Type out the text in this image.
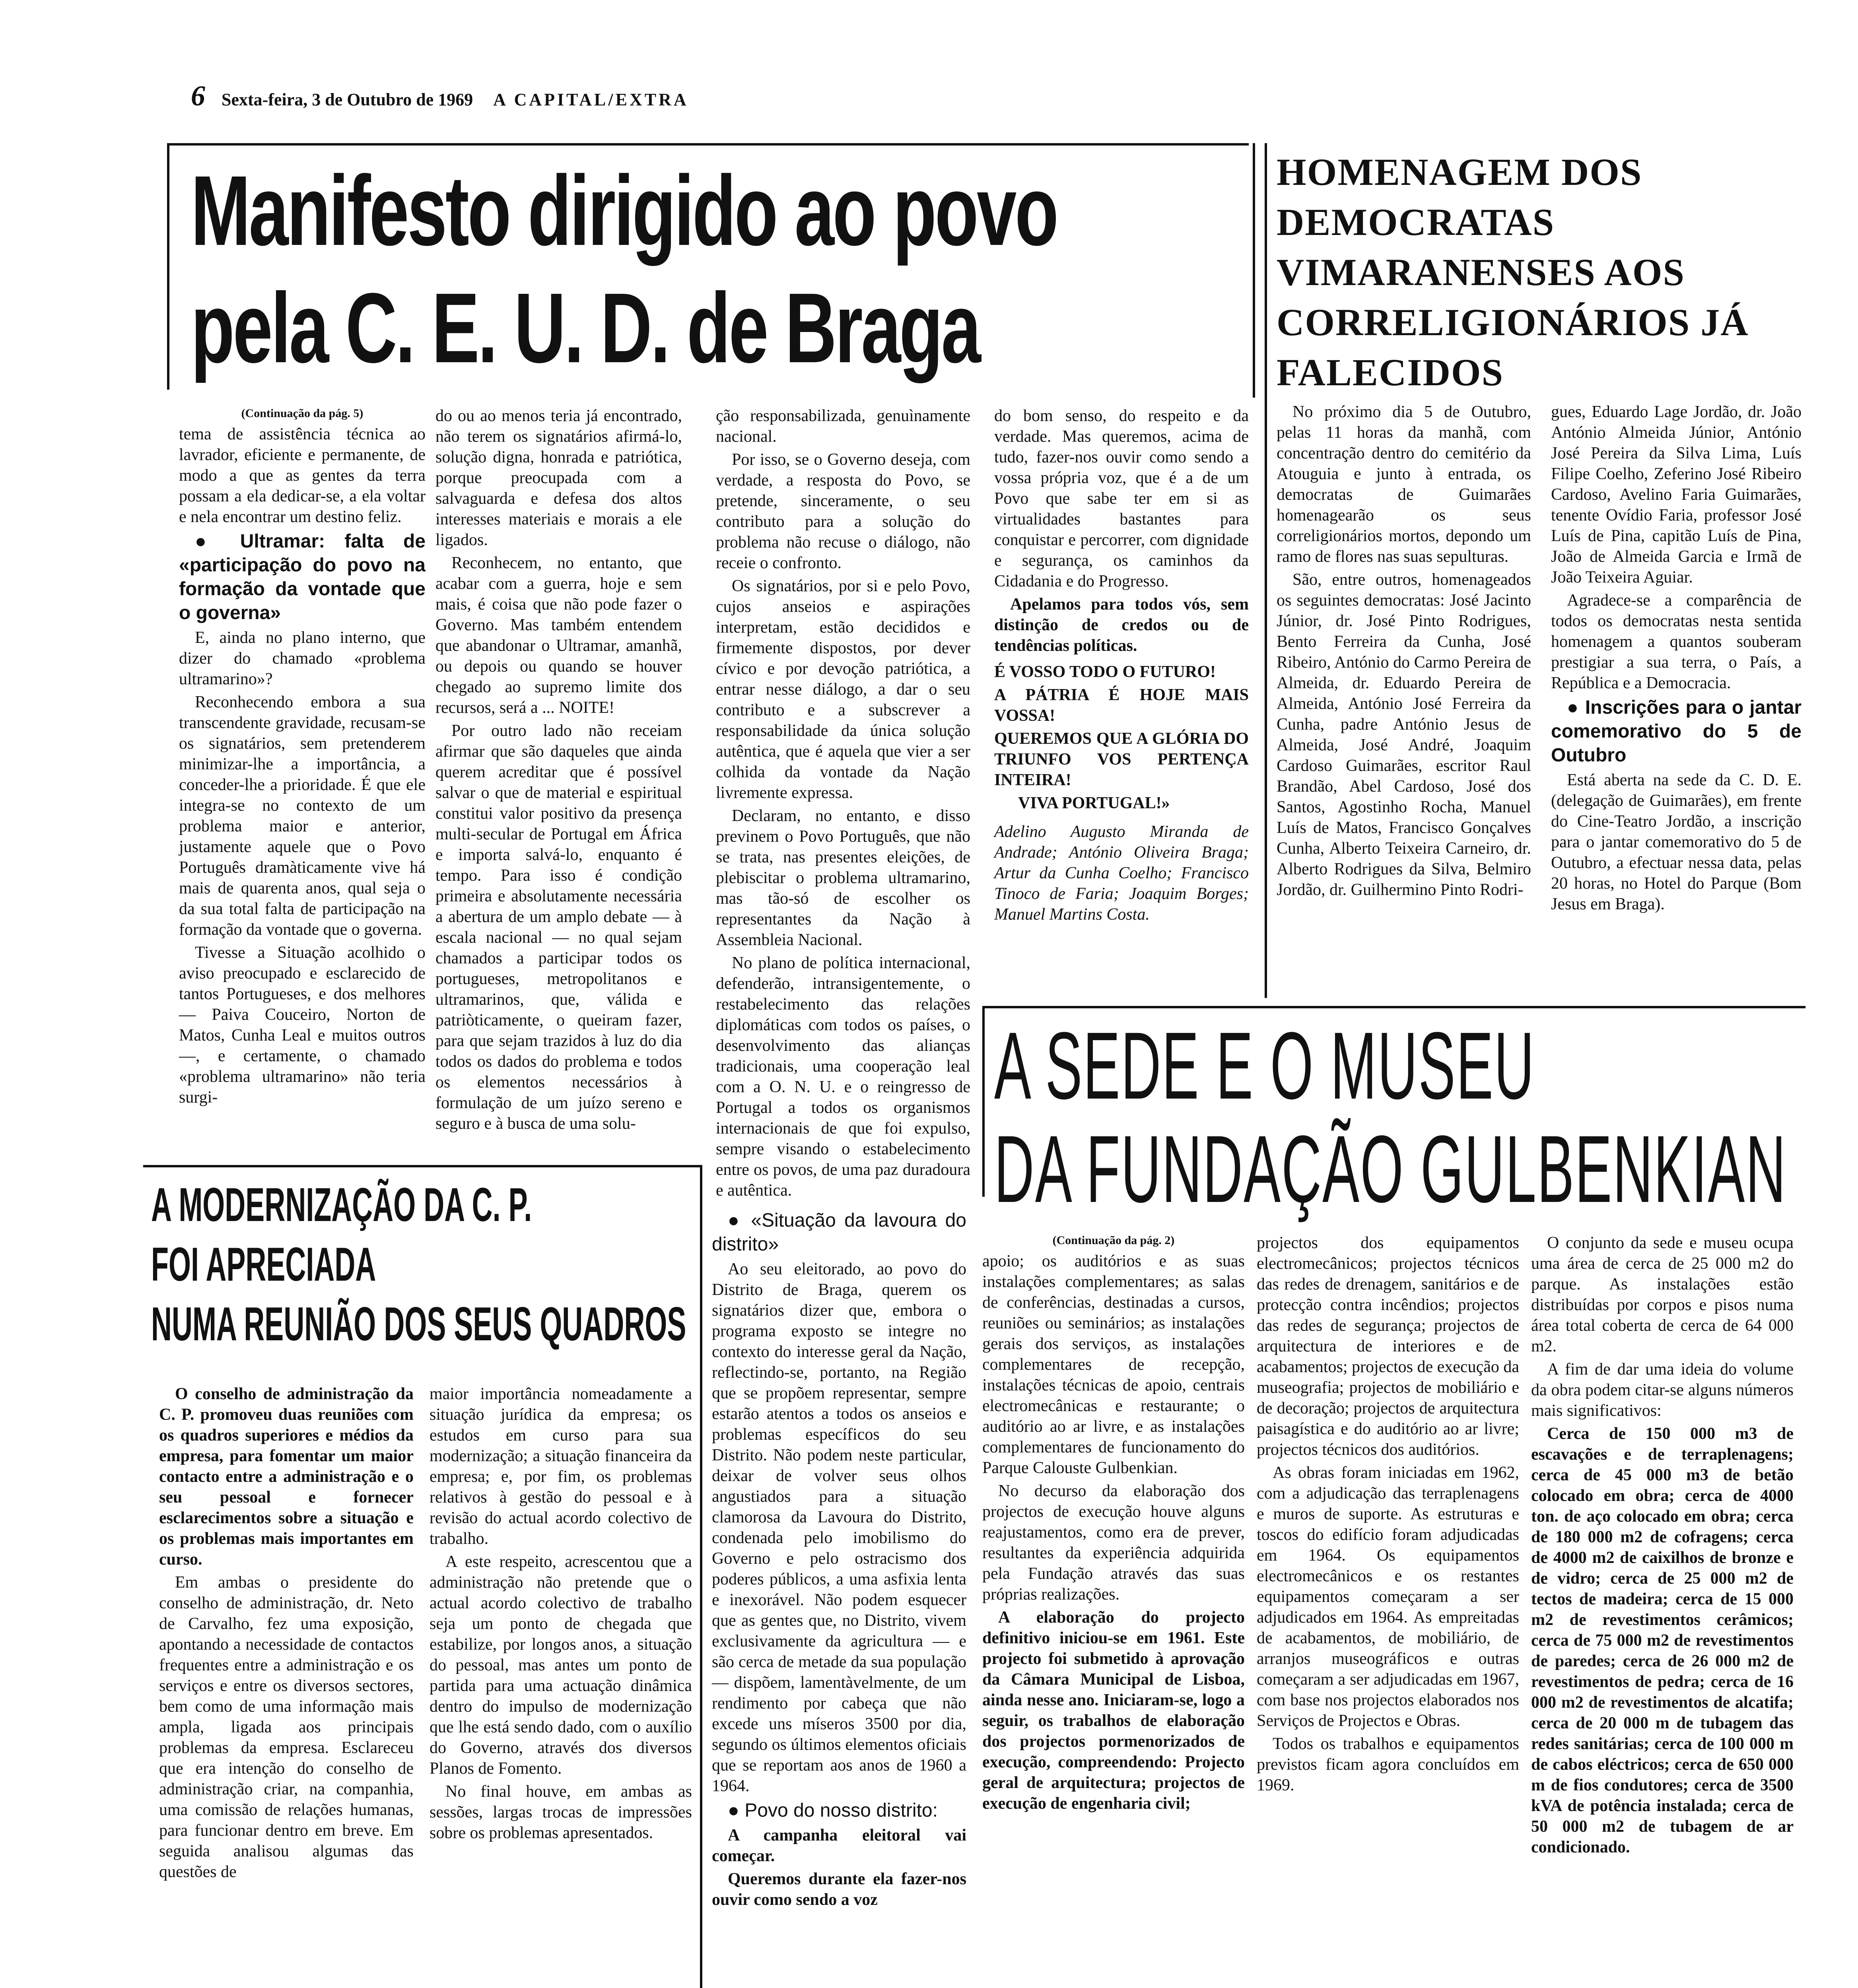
6 Sexta-feira, 3 de Outubro de 1969 A CAPITAL/EXTRA
Manifesto dirigido ao povo
pela C. E. U. D. de Braga

(Continuação da pág. 5)

tema de assistência técnica ao lavrador, eficiente e permanente, de modo a que as gentes da terra possam a ela dedicar-se, a ela voltar e nela encontrar um destino feliz.

● Ultramar: falta de «participação do povo na formação da vontade que o governa»

E, ainda no plano interno, que dizer do chamado «problema ultramarino»?

Reconhecendo embora a sua transcendente gravidade, recusam-se os signatários, sem pretenderem minimizar-lhe a importância, a conceder-lhe a prioridade. É que ele integra-se no contexto de um problema maior e anterior, justamente aquele que o Povo Português dramàticamente vive há mais de quarenta anos, qual seja o da sua total falta de participação na formação da vontade que o governa.

Tivesse a Situação acolhido o aviso preocupado e esclarecido de tantos Portugueses, e dos melhores — Paiva Couceiro, Norton de Matos, Cunha Leal e muitos outros —, e certamente, o chamado «problema ultramarino» não teria surgi-

do ou ao menos teria já encontrado, não terem os signatários afirmá-lo, solução digna, honrada e patriótica, porque preocupada com a salvaguarda e defesa dos altos interesses materiais e morais a ele ligados.

Reconhecem, no entanto, que acabar com a guerra, hoje e sem mais, é coisa que não pode fazer o Governo. Mas também entendem que abandonar o Ultramar, amanhã, ou depois ou quando se houver chegado ao supremo limite dos recursos, será a ... NOITE!

Por outro lado não receiam afirmar que são daqueles que ainda querem acreditar que é possível salvar o que de material e espiritual constitui valor positivo da presença multi-secular de Portugal em África e importa salvá-lo, enquanto é tempo. Para isso é condição primeira e absolutamente necessária a abertura de um amplo debate — à escala nacional — no qual sejam chamados a participar todos os portugueses, metropolitanos e ultramarinos, que, válida e patriòticamente, o queiram fazer, para que sejam trazidos à luz do dia todos os dados do problema e todos os elementos necessários à formulação de um juízo sereno e seguro e à busca de uma solu-

ção responsabilizada, genuìnamente nacional.

Por isso, se o Governo deseja, com verdade, a resposta do Povo, se pretende, sinceramente, o seu contributo para a solução do problema não recuse o diálogo, não receie o confronto.

Os signatários, por si e pelo Povo, cujos anseios e aspirações interpretam, estão decididos e firmemente dispostos, por dever cívico e por devoção patriótica, a entrar nesse diálogo, a dar o seu contributo e a subscrever a responsabilidade da única solução autêntica, que é aquela que vier a ser colhida da vontade da Nação livremente expressa.

Declaram, no entanto, e disso previnem o Povo Português, que não se trata, nas presentes eleições, de plebiscitar o problema ultramarino, mas tão-só de escolher os representantes da Nação à Assembleia Nacional.

No plano de política internacional, defenderão, intransigentemente, o restabelecimento das relações diplomáticas com todos os países, o desenvolvimento das alianças tradicionais, uma cooperação leal com a O. N. U. e o reingresso de Portugal a todos os organismos internacionais de que foi expulso, sempre visando o estabelecimento entre os povos, de uma paz duradoura e autêntica.

do bom senso, do respeito e da verdade. Mas queremos, acima de tudo, fazer-nos ouvir como sendo a vossa própria voz, que é a de um Povo que sabe ter em si as virtualidades bastantes para conquistar e percorrer, com dignidade e segurança, os caminhos da Cidadania e do Progresso.

Apelamos para todos vós, sem distinção de credos ou de tendências políticas.

É VOSSO TODO O FUTURO!

A PÁTRIA É HOJE MAIS VOSSA!

QUEREMOS QUE A GLÓRIA DO TRIUNFO VOS PERTENÇA INTEIRA!

VIVA PORTUGAL!»

Adelino Augusto Miranda de Andrade; António Oliveira Braga; Artur da Cunha Coelho; Francisco Tinoco de Faria; Joaquim Borges; Manuel Martins Costa.

HOMENAGEM DOS DEMOCRATAS VIMARANENSES AOS CORRELIGIONÁRIOS JÁ FALECIDOS

No próximo dia 5 de Outubro, pelas 11 horas da manhã, com concentração dentro do cemitério da Atouguia e junto à entrada, os democratas de Guimarães homenagearão os seus correligionários mortos, depondo um ramo de flores nas suas sepulturas.

São, entre outros, homenageados os seguintes democratas: José Jacinto Júnior, dr. José Pinto Rodrigues, Bento Ferreira da Cunha, José Ribeiro, António do Carmo Pereira de Almeida, dr. Eduardo Pereira de Almeida, António José Ferreira da Cunha, padre António Jesus de Almeida, José André, Joaquim Cardoso Guimarães, escritor Raul Brandão, Abel Cardoso, José dos Santos, Agostinho Rocha, Manuel Luís de Matos, Francisco Gonçalves Cunha, Alberto Teixeira Carneiro, dr. Alberto Rodrigues da Silva, Belmiro Jordão, dr. Guilhermino Pinto Rodri-

gues, Eduardo Lage Jordão, dr. João António Almeida Júnior, António José Pereira da Silva Lima, Luís Filipe Coelho, Zeferino José Ribeiro Cardoso, Avelino Faria Guimarães, tenente Ovídio Faria, professor José Luís de Pina, capitão Luís de Pina, João de Almeida Garcia e Irmã de João Teixeira Aguiar.

Agradece-se a comparência de todos os democratas nesta sentida homenagem a quantos souberam prestigiar a sua terra, o País, a República e a Democracia.

● Inscrições para o jantar comemorativo do 5 de Outubro

Está aberta na sede da C. D. E. (delegação de Guimarães), em frente do Cine-Teatro Jordão, a inscrição para o jantar comemorativo do 5 de Outubro, a efectuar nessa data, pelas 20 horas, no Hotel do Parque (Bom Jesus em Braga).

A SEDE E O MUSEU
DA FUNDAÇÃO GULBENKIAN
A MODERNIZAÇÃO DA C. P.
FOI APRECIADA
NUMA REUNIÃO DOS SEUS QUADROS

O conselho de administração da C. P. promoveu duas reuniões com os quadros superiores e médios da empresa, para fomentar um maior contacto entre a administração e o seu pessoal e fornecer esclarecimentos sobre a situação e os problemas mais importantes em curso.

Em ambas o presidente do conselho de administração, dr. Neto de Carvalho, fez uma exposição, apontando a necessidade de contactos frequentes entre a administração e os serviços e entre os diversos sectores, bem como de uma informação mais ampla, ligada aos principais problemas da empresa. Esclareceu que era intenção do conselho de administração criar, na companhia, uma comissão de relações humanas, para funcionar dentro em breve. Em seguida analisou algumas das questões de

maior importância nomeadamente a situação jurídica da empresa; os estudos em curso para sua modernização; a situação financeira da empresa; e, por fim, os problemas relativos à gestão do pessoal e à revisão do actual acordo colectivo de trabalho.

A este respeito, acrescentou que a administração não pretende que o actual acordo colectivo de trabalho seja um ponto de chegada que estabilize, por longos anos, a situação do pessoal, mas antes um ponto de partida para uma actuação dinâmica dentro do impulso de modernização que lhe está sendo dado, com o auxílio do Governo, através dos diversos Planos de Fomento.

No final houve, em ambas as sessões, largas trocas de impressões sobre os problemas apresentados.

● «Situação da lavoura do distrito»

Ao seu eleitorado, ao povo do Distrito de Braga, querem os signatários dizer que, embora o programa exposto se integre no contexto do interesse geral da Nação, reflectindo-se, portanto, na Região que se propõem representar, sempre estarão atentos a todos os anseios e problemas específicos do seu Distrito. Não podem neste particular, deixar de volver seus olhos angustiados para a situação clamorosa da Lavoura do Distrito, condenada pelo imobilismo do Governo e pelo ostracismo dos poderes públicos, a uma asfixia lenta e inexorável. Não podem esquecer que as gentes que, no Distrito, vivem exclusivamente da agricultura — e são cerca de metade da sua população — dispõem, lamentàvelmente, de um rendimento por cabeça que não excede uns míseros 3500 por dia, segundo os últimos elementos oficiais que se reportam aos anos de 1960 a 1964.

● Povo do nosso distrito:

A campanha eleitoral vai começar.

Queremos durante ela fazer-nos ouvir como sendo a voz

(Continuação da pág. 2)

apoio; os auditórios e as suas instalações complementares; as salas de conferências, destinadas a cursos, reuniões ou seminários; as instalações gerais dos serviços, as instalações complementares de recepção, instalações técnicas de apoio, centrais electromecânicas e restaurante; o auditório ao ar livre, e as instalações complementares de funcionamento do Parque Calouste Gulbenkian.

No decurso da elaboração dos projectos de execução houve alguns reajustamentos, como era de prever, resultantes da experiência adquirida pela Fundação através das suas próprias realizações.

A elaboração do projecto definitivo iniciou-se em 1961. Este projecto foi submetido à aprovação da Câmara Municipal de Lisboa, ainda nesse ano. Iniciaram-se, logo a seguir, os trabalhos de elaboração dos projectos pormenorizados de execução, compreendendo: Projecto geral de arquitectura; projectos de execução de engenharia civil;

projectos dos equipamentos electromecânicos; projectos técnicos das redes de drenagem, sanitários e de protecção contra incêndios; projectos das redes de segurança; projectos de arquitectura de interiores e de acabamentos; projectos de execução da museografia; projectos de mobiliário e de decoração; projectos de arquitectura paisagística e do auditório ao ar livre; projectos técnicos dos auditórios.

As obras foram iniciadas em 1962, com a adjudicação das terraplenagens e muros de suporte. As estruturas e toscos do edifício foram adjudicadas em 1964. Os equipamentos electromecânicos e os restantes equipamentos começaram a ser adjudicados em 1964. As empreitadas de acabamentos, de mobiliário, de arranjos museográficos e outras começaram a ser adjudicadas em 1967, com base nos projectos elaborados nos Serviços de Projectos e Obras.

Todos os trabalhos e equipamentos previstos ficam agora concluídos em 1969.

O conjunto da sede e museu ocupa uma área de cerca de 25 000 m2 do parque. As instalações estão distribuídas por corpos e pisos numa área total coberta de cerca de 64 000 m2.

A fim de dar uma ideia do volume da obra podem citar-se alguns números mais significativos:

Cerca de 150 000 m3 de escavações e de terraplenagens; cerca de 45 000 m3 de betão colocado em obra; cerca de 4000 ton. de aço colocado em obra; cerca de 180 000 m2 de cofragens; cerca de 4000 m2 de caixilhos de bronze e de vidro; cerca de 25 000 m2 de tectos de madeira; cerca de 15 000 m2 de revestimentos cerâmicos; cerca de 75 000 m2 de revestimentos de paredes; cerca de 26 000 m2 de revestimentos de pedra; cerca de 16 000 m2 de revestimentos de alcatifa; cerca de 20 000 m de tubagem das redes sanitárias; cerca de 100 000 m de cabos eléctricos; cerca de 650 000 m de fios condutores; cerca de 3500 kVA de potência instalada; cerca de 50 000 m2 de tubagem de ar condicionado.
